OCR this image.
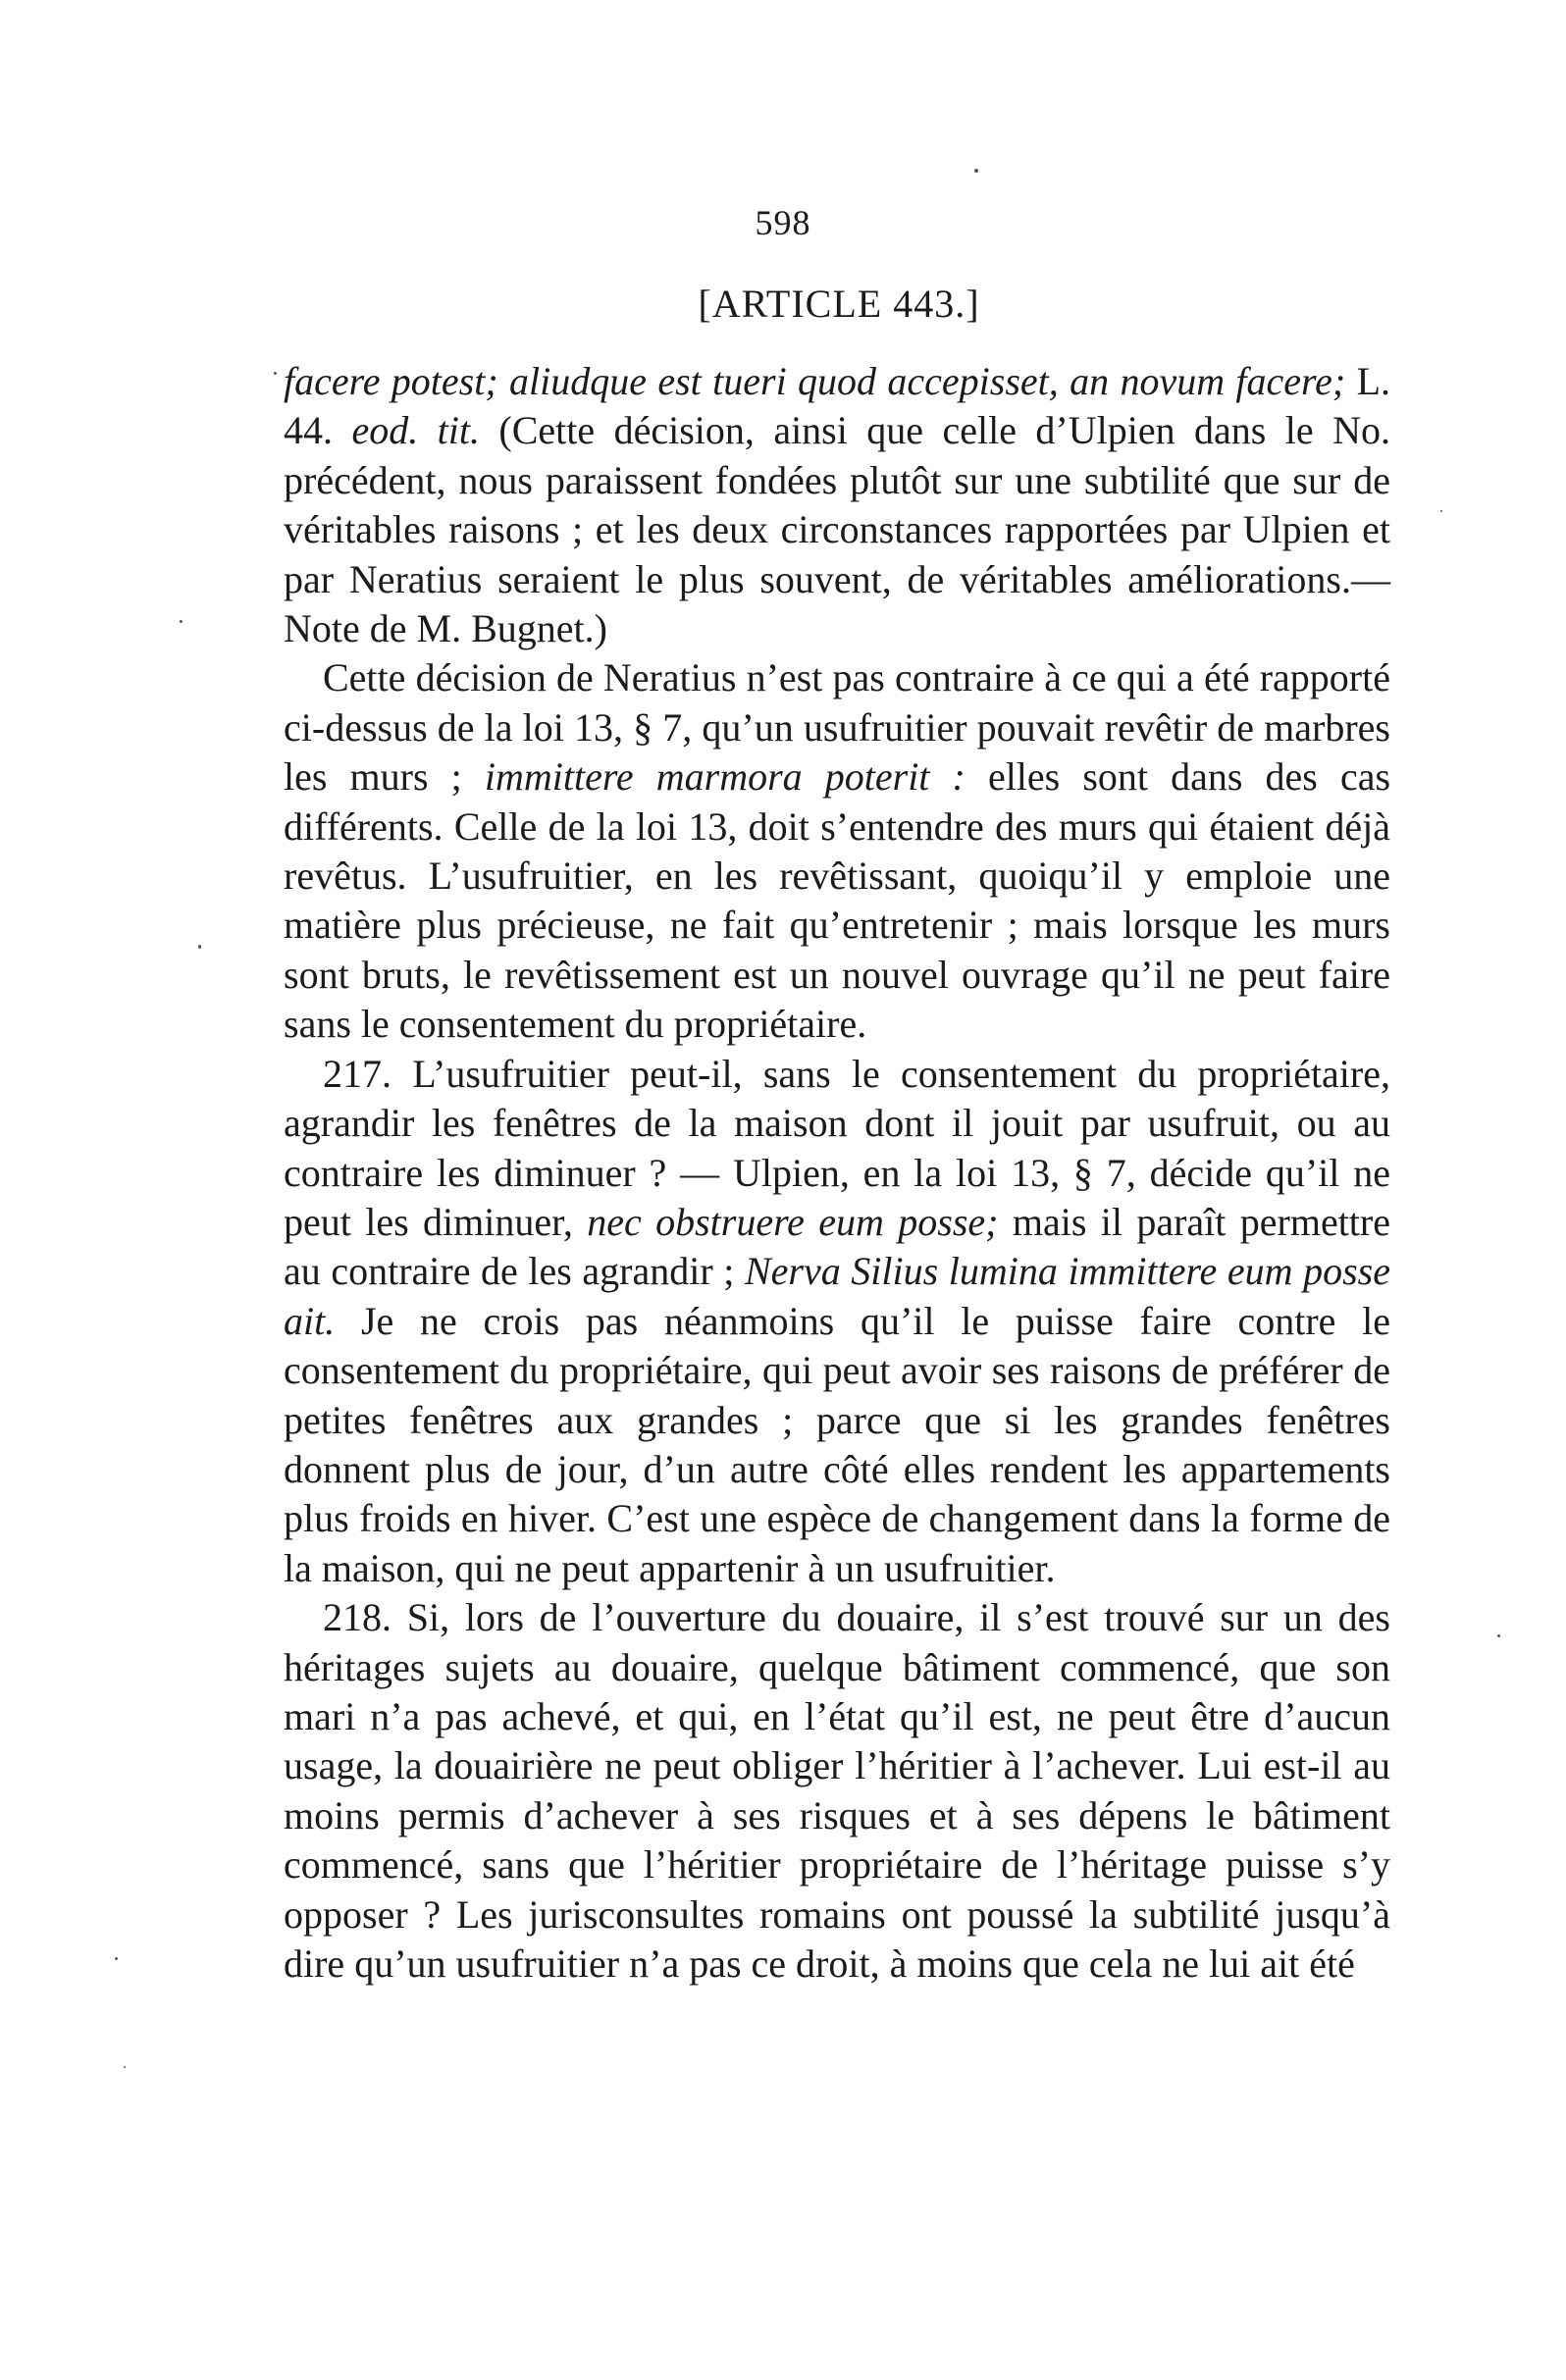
598
[ARTICLE 443.]

facere potest; aliudque est tueri quod accepisset, an novum facere; L. 44. eod. tit. (Cette décision, ainsi que celle d’Ulpien dans le No. précédent, nous paraissent fondées plutôt sur une subtilité que sur de véritables raisons ; et les deux circonstances rapportées par Ulpien et par Neratius seraient le plus souvent, de véritables améliorations.—Note de M. Bugnet.)

Cette décision de Neratius n’est pas contraire à ce qui a été rapporté ci-dessus de la loi 13, § 7, qu’un usufruitier pouvait revêtir de marbres les murs ; immittere marmora poterit : elles sont dans des cas différents. Celle de la loi 13, doit s’entendre des murs qui étaient déjà revêtus. L’usufruitier, en les revêtissant, quoiqu’il y emploie une matière plus précieuse, ne fait qu’entretenir ; mais lorsque les murs sont bruts, le revêtissement est un nouvel ouvrage qu’il ne peut faire sans le consentement du propriétaire.

217. L’usufruitier peut-il, sans le consentement du propriétaire, agrandir les fenêtres de la maison dont il jouit par usufruit, ou au contraire les diminuer ? — Ulpien, en la loi 13, § 7, décide qu’il ne peut les diminuer, nec obstruere eum posse; mais il paraît permettre au contraire de les agrandir ; Nerva Silius lumina immittere eum posse ait. Je ne crois pas néanmoins qu’il le puisse faire contre le consentement du propriétaire, qui peut avoir ses raisons de préférer de petites fenêtres aux grandes ; parce que si les grandes fenêtres donnent plus de jour, d’un autre côté elles rendent les appartements plus froids en hiver. C’est une espèce de changement dans la forme de la maison, qui ne peut appartenir à un usufruitier.

218. Si, lors de l’ouverture du douaire, il s’est trouvé sur un des héritages sujets au douaire, quelque bâtiment commencé, que son mari n’a pas achevé, et qui, en l’état qu’il est, ne peut être d’aucun usage, la douairière ne peut obliger l’héritier à l’achever. Lui est-il au moins permis d’achever à ses risques et à ses dépens le bâtiment commencé, sans que l’héritier propriétaire de l’héritage puisse s’y opposer ? Les jurisconsultes romains ont poussé la subtilité jusqu’à dire qu’un usufruitier n’a pas ce droit, à moins que cela ne lui ait été
